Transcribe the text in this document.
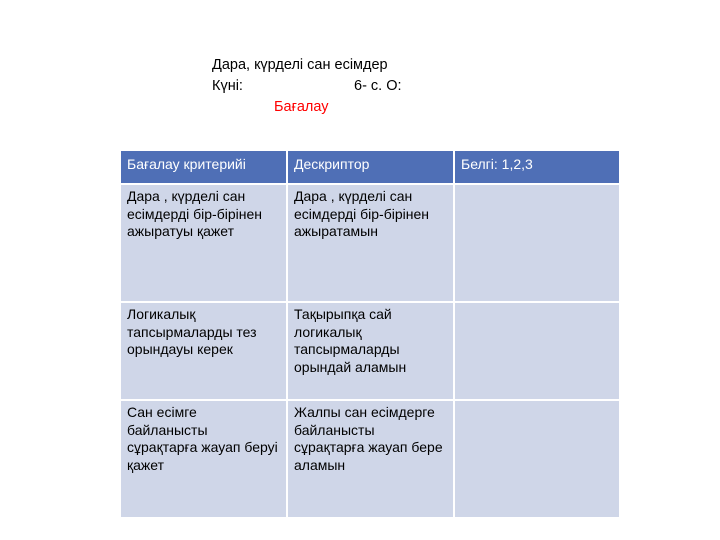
Дара, күрделі сан есімдер
Күні:	6- с. О:
Бағалау
Бағалау критерийі	Дескриптор	Белгі: 1,2,3
Дара , күрделі сан есімдерді бір-бірінен ажыратуы қажет	Дара , күрделі сан есімдерді бір-бірінен ажыратамын	
Логикалық тапсырмаларды тез орындауы керек	Тақырыпқа сай логикалық тапсырмаларды орындай аламын	
Сан есімге байланысты сұрақтарға жауап беруі қажет	Жалпы сан есімдерге байланысты сұрақтарға жауап бере аламын	
